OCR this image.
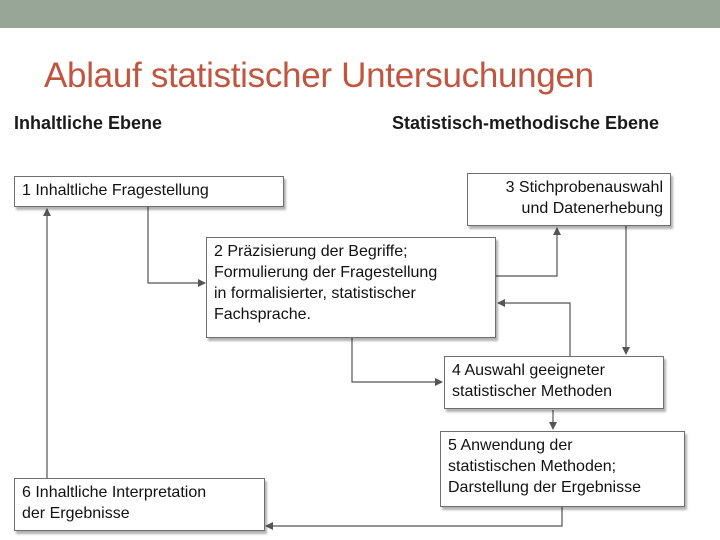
Ablauf statistischer Untersuchungen
Inhaltliche Ebene	Statistisch-methodische Ebene
1 Inhaltliche Fragestellung
2 Präzisierung der Begriffe;
Formulierung der Fragestellung
in formalisierter, statistischer
Fachsprache.
3 Stichprobenauswahl
und Datenerhebung
4 Auswahl geeigneter
statistischer Methoden
5 Anwendung der
statistischen Methoden;
Darstellung der Ergebnisse
6 Inhaltliche Interpretation
der Ergebnisse
